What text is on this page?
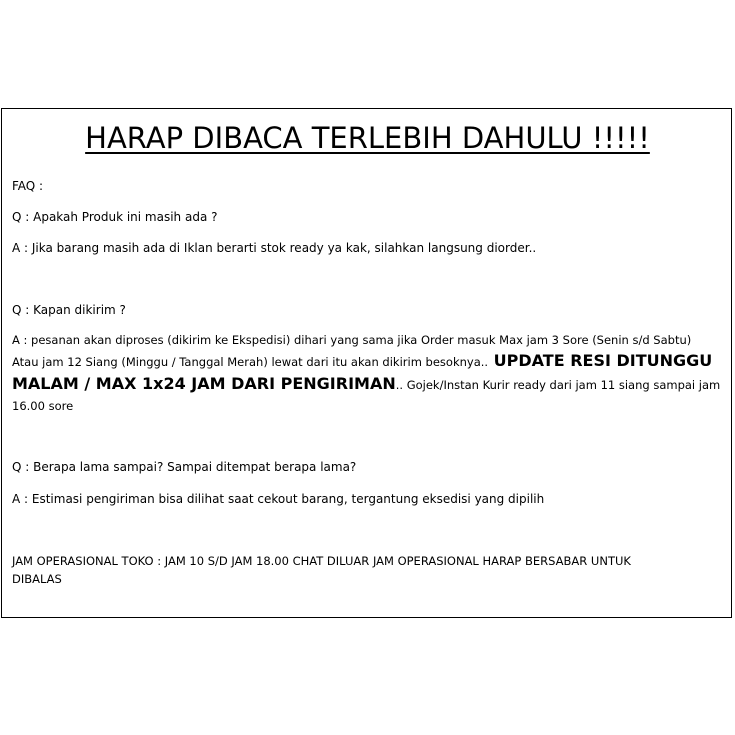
HARAP DIBACA TERLEBIH DAHULU !!!!!
FAQ :
Q : Apakah Produk ini masih ada ?
A : Jika barang masih ada di Iklan berarti stok ready ya kak, silahkan langsung diorder..
Q : Kapan dikirim ?
A : pesanan akan diproses (dikirim ke Ekspedisi) dihari yang sama jika Order masuk Max jam 3 Sore (Senin s/d Sabtu)
Atau jam 12 Siang (Minggu / Tanggal Merah) lewat dari itu akan dikirim besoknya.. UPDATE RESI DITUNGGU
MALAM / MAX 1x24 JAM DARI PENGIRIMAN.. Gojek/Instan Kurir ready dari jam 11 siang sampai jam
16.00 sore
Q : Berapa lama sampai? Sampai ditempat berapa lama?
A : Estimasi pengiriman bisa dilihat saat cekout barang, tergantung eksedisi yang dipilih
JAM OPERASIONAL TOKO : JAM 10 S/D JAM 18.00 CHAT DILUAR JAM OPERASIONAL HARAP BERSABAR UNTUK
DIBALAS
